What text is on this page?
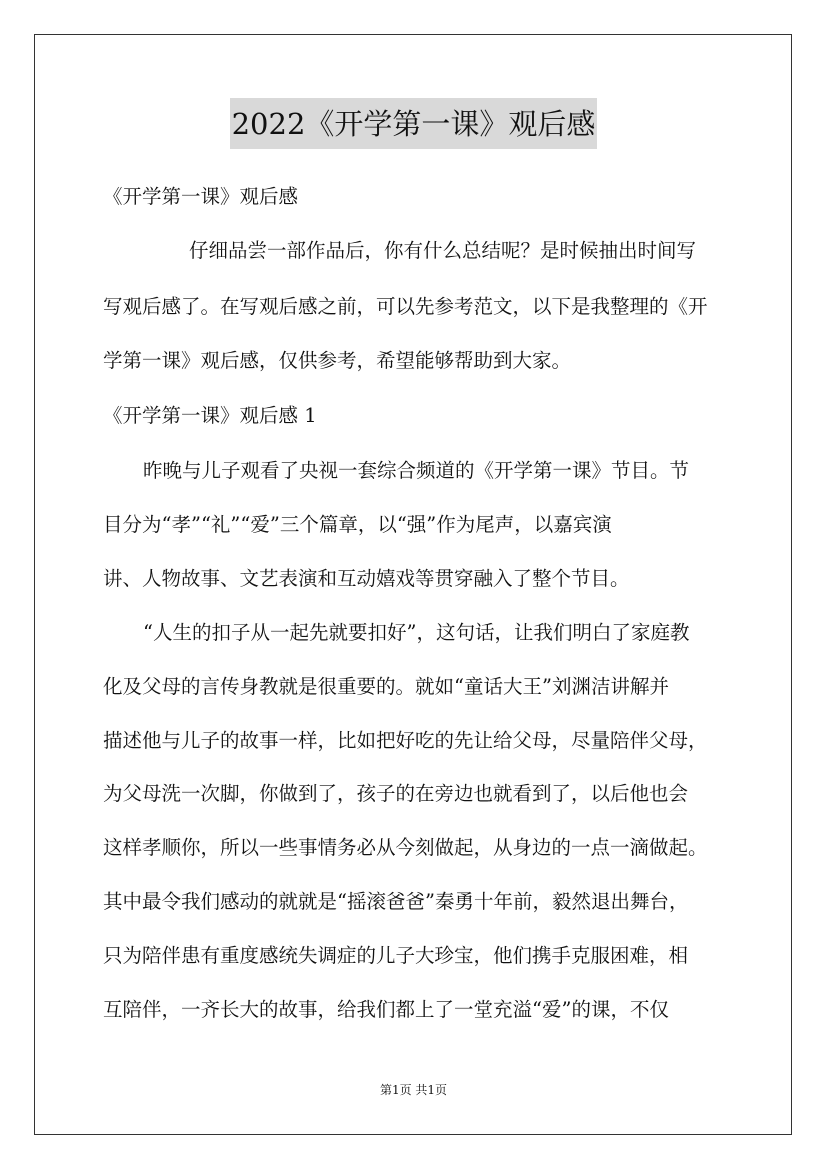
2022《开学第一课》观后感
《开学第一课》观后感
仔细品尝一部作品后，你有什么总结呢？是时候抽出时间写
写观后感了。在写观后感之前，可以先参考范文，以下是我整理的《开
学第一课》观后感，仅供参考，希望能够帮助到大家。
《开学第一课》观后感 1
昨晚与儿子观看了央视一套综合频道的《开学第一课》节目。节
目分为“孝”“礼”“爱”三个篇章，以“强”作为尾声，以嘉宾演
讲、人物故事、文艺表演和互动嬉戏等贯穿融入了整个节目。
“人生的扣子从一起先就要扣好”，这句话，让我们明白了家庭教
化及父母的言传身教就是很重要的。就如“童话大王”刘渊洁讲解并
描述他与儿子的故事一样，比如把好吃的先让给父母，尽量陪伴父母，
为父母洗一次脚，你做到了，孩子的在旁边也就看到了，以后他也会
这样孝顺你，所以一些事情务必从今刻做起，从身边的一点一滴做起。
其中最令我们感动的就就是“摇滚爸爸”秦勇十年前，毅然退出舞台，
只为陪伴患有重度感统失调症的儿子大珍宝，他们携手克服困难，相
互陪伴，一齐长大的故事，给我们都上了一堂充溢“爱”的课，不仅
第1页 共1页
